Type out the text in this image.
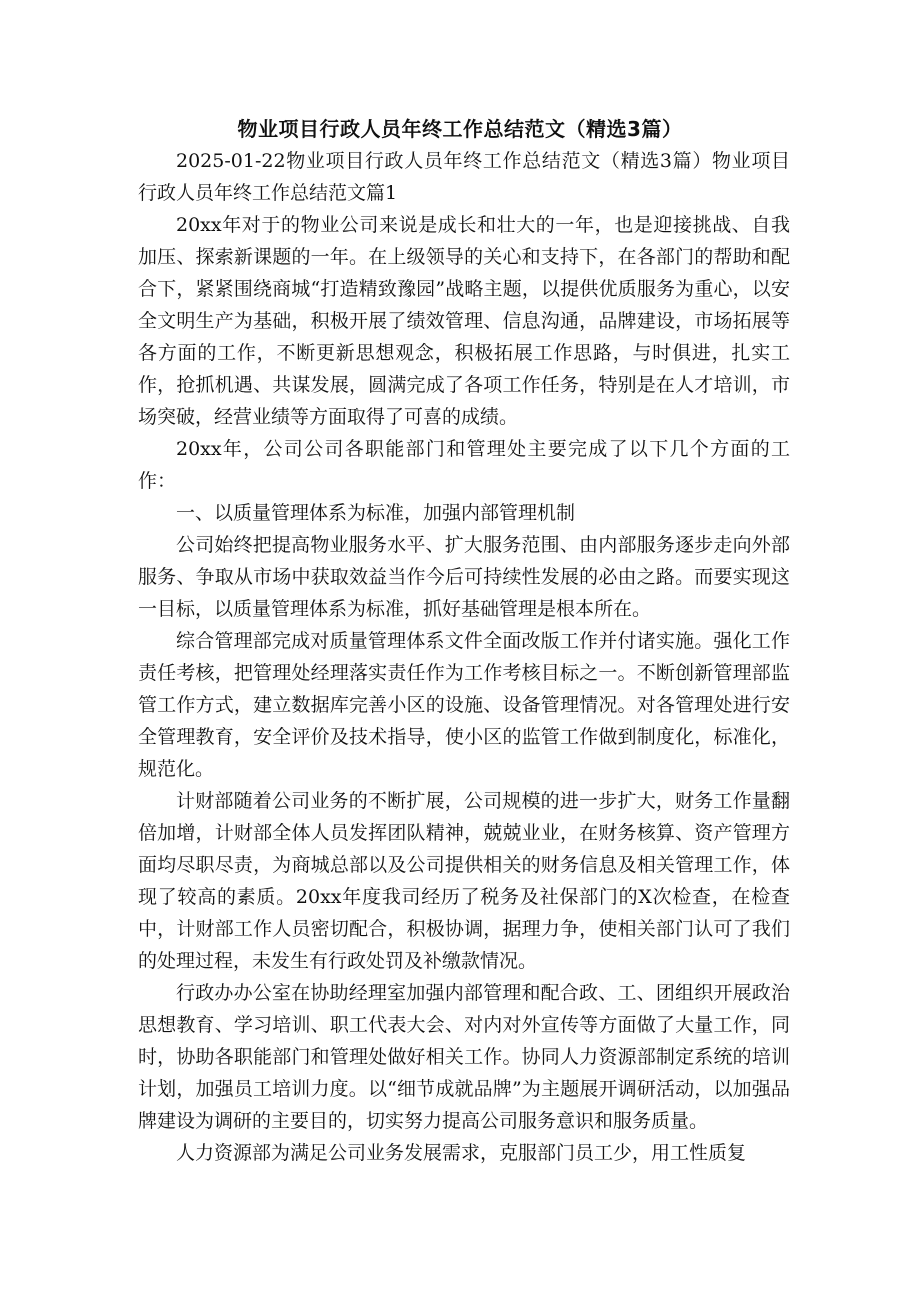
物业项目行政人员年终工作总结范文（精选3篇）

2025-01-22物业项目行政人员年终工作总结范文（精选3篇）物业项目行政人员年终工作总结范文篇1

20xx年对于的物业公司来说是成长和壮大的一年，也是迎接挑战、自我加压、探索新课题的一年。在上级领导的关心和支持下，在各部门的帮助和配合下，紧紧围绕商城“打造精致豫园”战略主题，以提供优质服务为重心，以安全文明生产为基础，积极开展了绩效管理、信息沟通，品牌建设，市场拓展等各方面的工作，不断更新思想观念，积极拓展工作思路，与时俱进，扎实工作，抢抓机遇、共谋发展，圆满完成了各项工作任务，特别是在人才培训，市场突破，经营业绩等方面取得了可喜的成绩。

20xx年，公司公司各职能部门和管理处主要完成了以下几个方面的工作：

一、以质量管理体系为标准，加强内部管理机制

公司始终把提高物业服务水平、扩大服务范围、由内部服务逐步走向外部服务、争取从市场中获取效益当作今后可持续性发展的必由之路。而要实现这一目标，以质量管理体系为标准，抓好基础管理是根本所在。

综合管理部完成对质量管理体系文件全面改版工作并付诸实施。强化工作责任考核，把管理处经理落实责任作为工作考核目标之一。不断创新管理部监管工作方式，建立数据库完善小区的设施、设备管理情况。对各管理处进行安全管理教育，安全评价及技术指导，使小区的监管工作做到制度化，标准化，规范化。

计财部随着公司业务的不断扩展，公司规模的进一步扩大，财务工作量翻倍加增，计财部全体人员发挥团队精神，兢兢业业，在财务核算、资产管理方面均尽职尽责，为商城总部以及公司提供相关的财务信息及相关管理工作，体现了较高的素质。20xx年度我司经历了税务及社保部门的X次检查，在检查中，计财部工作人员密切配合，积极协调，据理力争，使相关部门认可了我们的处理过程，未发生有行政处罚及补缴款情况。

行政办办公室在协助经理室加强内部管理和配合政、工、团组织开展政治思想教育、学习培训、职工代表大会、对内对外宣传等方面做了大量工作，同时，协助各职能部门和管理处做好相关工作。协同人力资源部制定系统的培训计划，加强员工培训力度。以“细节成就品牌”为主题展开调研活动，以加强品牌建设为调研的主要目的，切实努力提高公司服务意识和服务质量。

人力资源部为满足公司业务发展需求，克服部门员工少，用工性质复
